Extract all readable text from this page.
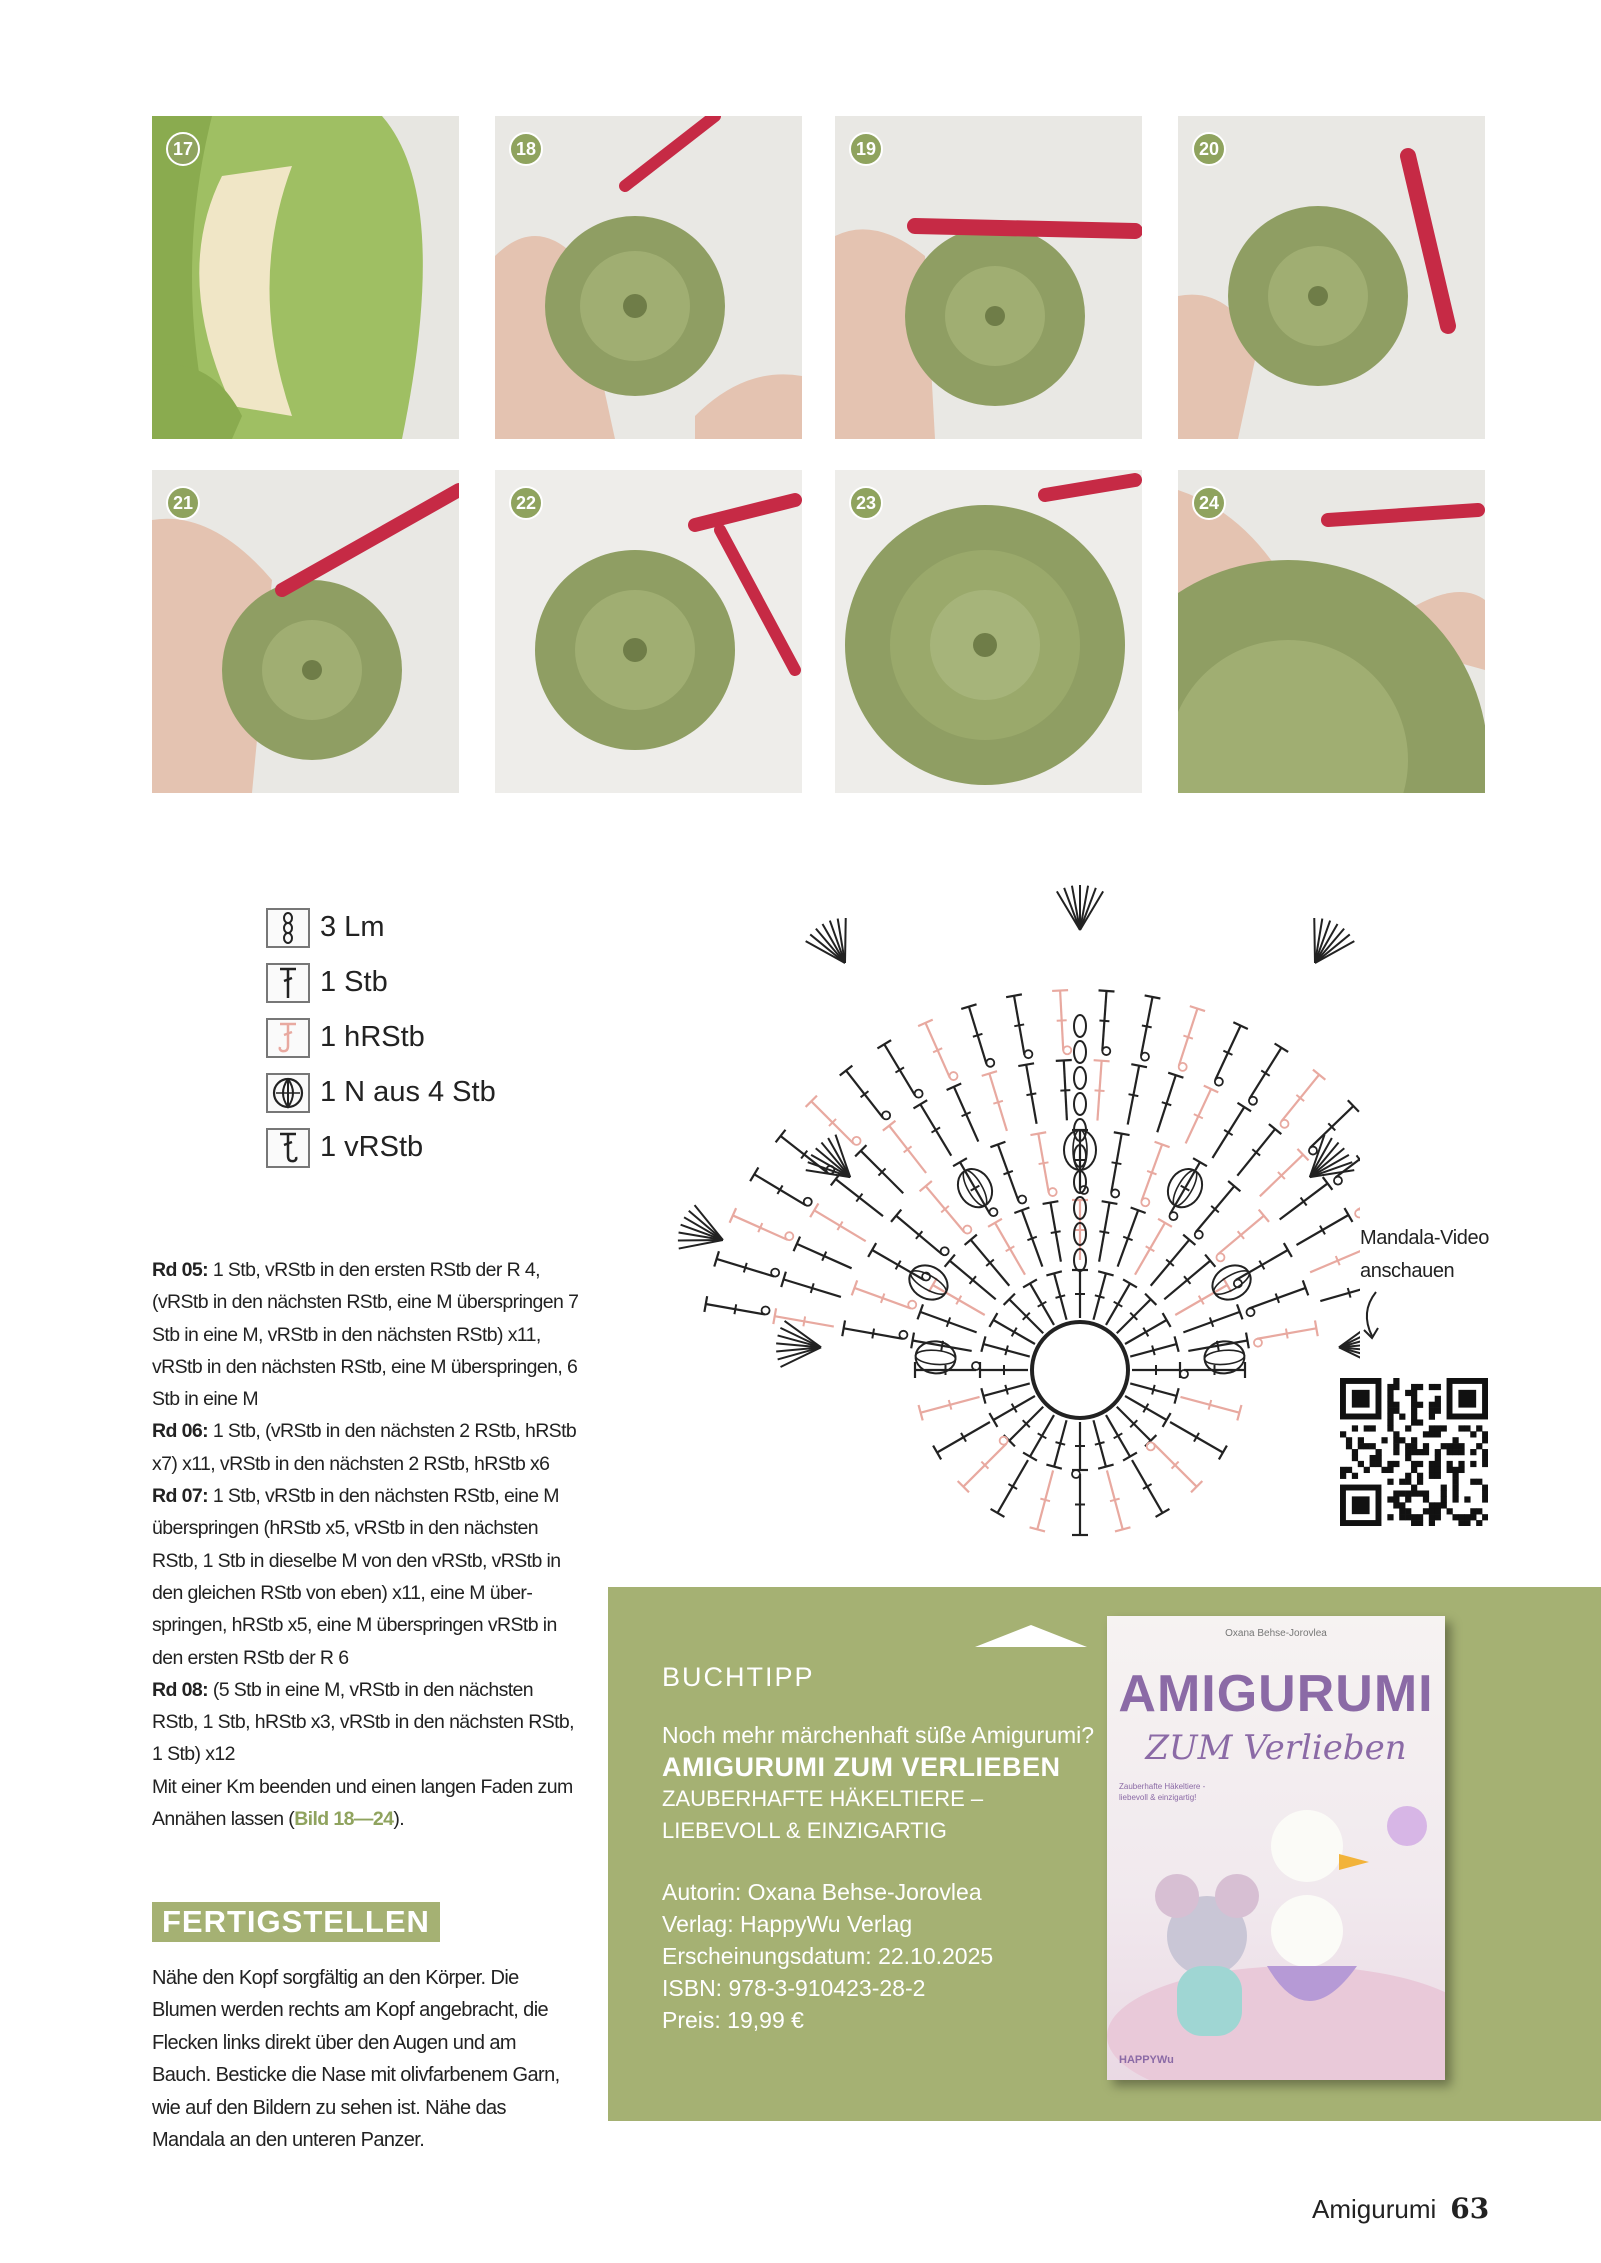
17	18	19	20
21	22	23	24
3 Lm
1 Stb
1 hRStb
1 N aus 4 Stb
1 vRStb

Rd 05: 1 Stb, vRStb in den ersten RStb der R 4, (vRStb in den nächsten RStb, eine M überspringen 7 Stb in eine M, vRStb in den nächsten RStb) x11, vRStb in den nächsten RStb, eine M überspringen, 6 Stb in eine M

Rd 06: 1 Stb, (vRStb in den nächsten 2 RStb, hRStb x7) x11, vRStb in den nächsten 2 RStb, hRStb x6

Rd 07: 1 Stb, vRStb in den nächsten RStb, eine M überspringen (hRStb x5, vRStb in den nächsten RStb, 1 Stb in dieselbe M von den vRStb, vRStb in den gleichen RStb von eben) x11, eine M überspringen, hRStb x5, eine M überspringen vRStb in den ersten RStb der R 6

Rd 08: (5 Stb in eine M, vRStb in den nächsten RStb, 1 Stb, hRStb x3, vRStb in den nächsten RStb, 1 Stb) x12

Mit einer Km beenden und einen langen Faden zum Annähen lassen (Bild 18—24).

FERTIGSTELLEN
Nähe den Kopf sorgfältig an den Körper. Die Blumen werden rechts am Kopf angebracht, die Flecken links direkt über den Augen und am Bauch. Besticke die Nase mit olivfarbenem Garn, wie auf den Bildern zu sehen ist. Nähe das Mandala an den unteren Panzer.
Mandala-Video anschauen
BUCHTIPP
Noch mehr märchenhaft süße Amigurumi?
AMIGURUMI ZUM VERLIEBEN
ZAUBERHAFTE HÄKELTIERE – LIEBEVOLL & EINZIGARTIG
Autorin: Oxana Behse-Jorovlea
Verlag: HappyWu Verlag
Erscheinungsdatum: 22.10.2025
ISBN: 978-3-910423-28-2
Preis: 19,99 €
Oxana Behse-Jorovlea
AMIGURUMI
ZUM Verlieben
Zauberhafte Häkeltiere - liebevoll & einzigartig!
HAPPYWu
Amigurumi 63
